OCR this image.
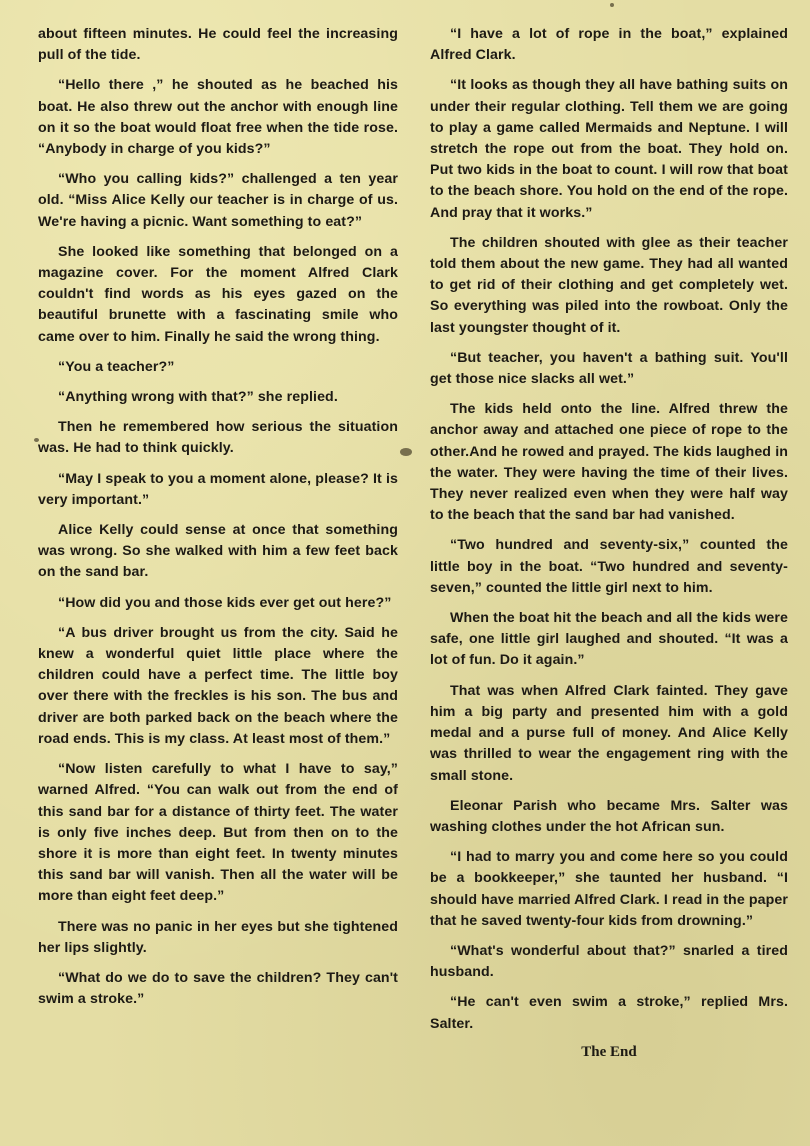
about fifteen minutes. He could feel the increasing pull of the tide.

“Hello there ,” he shouted as he beached his boat. He also threw out the anchor with enough line on it so the boat would float free when the tide rose. “Anybody in charge of you kids?”

“Who you calling kids?” challenged a ten year old. “Miss Alice Kelly our teacher is in charge of us. We're having a picnic. Want something to eat?”

She looked like something that belonged on a magazine cover. For the moment Alfred Clark couldn't find words as his eyes gazed on the beautiful brunette with a fascinating smile who came over to him. Finally he said the wrong thing.

“You a teacher?”

“Anything wrong with that?” she replied.

Then he remembered how serious the situation was. He had to think quickly.

“May I speak to you a moment alone, please? It is very important.”

Alice Kelly could sense at once that something was wrong. So she walked with him a few feet back on the sand bar.

“How did you and those kids ever get out here?”

“A bus driver brought us from the city. Said he knew a wonderful quiet little place where the children could have a perfect time. The little boy over there with the freckles is his son. The bus and driver are both parked back on the beach where the road ends. This is my class. At least most of them.”

“Now listen carefully to what I have to say,” warned Alfred. “You can walk out from the end of this sand bar for a distance of thirty feet. The water is only five inches deep. But from then on to the shore it is more than eight feet. In twenty minutes this sand bar will vanish. Then all the water will be more than eight feet deep.”

There was no panic in her eyes but she tightened her lips slightly.

“What do we do to save the children? They can't swim a stroke.”

“I have a lot of rope in the boat,” explained Alfred Clark.

“It looks as though they all have bathing suits on under their regular clothing. Tell them we are going to play a game called Mermaids and Neptune. I will stretch the rope out from the boat. They hold on. Put two kids in the boat to count. I will row that boat to the beach shore. You hold on the end of the rope. And pray that it works.”

The children shouted with glee as their teacher told them about the new game. They had all wanted to get rid of their clothing and get completely wet. So everything was piled into the rowboat. Only the last youngster thought of it.

“But teacher, you haven't a bathing suit. You'll get those nice slacks all wet.”

The kids held onto the line. Alfred threw the anchor away and attached one piece of rope to the other.And he rowed and prayed. The kids laughed in the water. They were having the time of their lives. They never realized even when they were half way to the beach that the sand bar had vanished.

“Two hundred and seventy-six,” counted the little boy in the boat. “Two hundred and seventy-seven,” counted the little girl next to him.

When the boat hit the beach and all the kids were safe, one little girl laughed and shouted. “It was a lot of fun. Do it again.”

That was when Alfred Clark fainted. They gave him a big party and presented him with a gold medal and a purse full of money. And Alice Kelly was thrilled to wear the engagement ring with the small stone.

Eleonar Parish who became Mrs. Salter was washing clothes under the hot African sun.

“I had to marry you and come here so you could be a bookkeeper,” she taunted her husband. “I should have married Alfred Clark. I read in the paper that he saved twenty-four kids from drowning.”

“What's wonderful about that?” snarled a tired husband.

“He can't even swim a stroke,” replied Mrs. Salter.

The End
